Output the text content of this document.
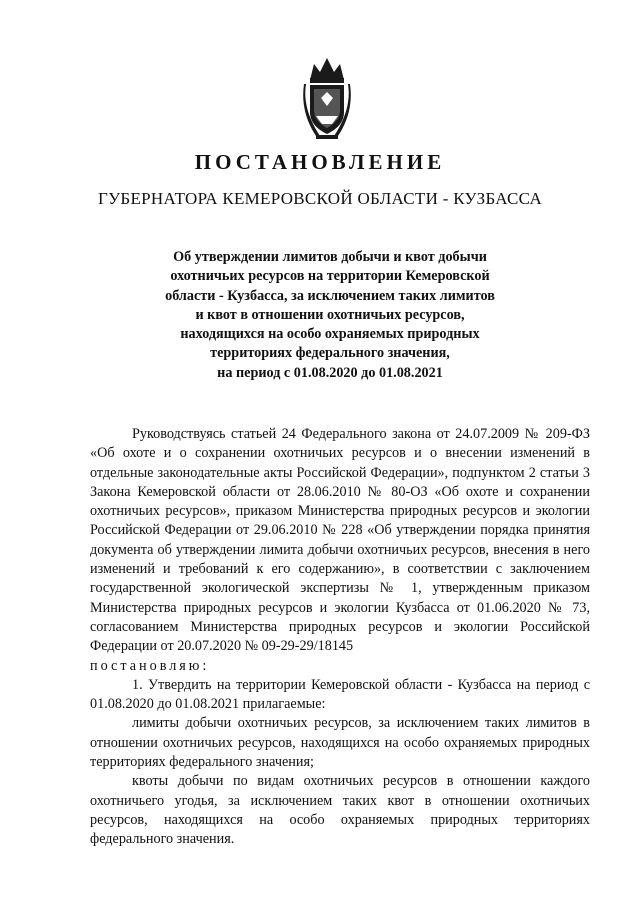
ПОСТАНОВЛЕНИЕ
ГУБЕРНАТОРА КЕМЕРОВСКОЙ ОБЛАСТИ - КУЗБАССА
Об утверждении лимитов добычи и квот добычи
охотничьих ресурсов на территории Кемеровской
области - Кузбасса, за исключением таких лимитов
и квот в отношении охотничьих ресурсов,
находящихся на особо охраняемых природных
территориях федерального значения,
на период с 01.08.2020 до 01.08.2021

Руководствуясь статьей 24 Федерального закона от 24.07.2009 № 209-ФЗ «Об охоте и о сохранении охотничьих ресурсов и о внесении изменений в отдельные законодательные акты Российской Федерации», подпунктом 2 статьи 3 Закона Кемеровской области от 28.06.2010 № 80-ОЗ «Об охоте и сохранении охотничьих ресурсов», приказом Министерства природных ресурсов и экологии Российской Федерации от 29.06.2010 № 228 «Об утверждении порядка принятия документа об утверждении лимита добычи охотничьих ресурсов, внесения в него изменений и требований к его содержанию», в соответствии с заключением государственной экологической экспертизы № 1, утвержденным приказом Министерства природных ресурсов и экологии Кузбасса от 01.06.2020 № 73, согласованием Министерства природных ресурсов и экологии Российской Федерации от 20.07.2020 № 09-29-29/18145

постановляю:

1. Утвердить на территории Кемеровской области - Кузбасса на период с 01.08.2020 до 01.08.2021 прилагаемые:

лимиты добычи охотничьих ресурсов, за исключением таких лимитов в отношении охотничьих ресурсов, находящихся на особо охраняемых природных территориях федерального значения;

квоты добычи по видам охотничьих ресурсов в отношении каждого охотничьего угодья, за исключением таких квот в отношении охотничьих ресурсов, находящихся на особо охраняемых природных территориях федерального значения.
